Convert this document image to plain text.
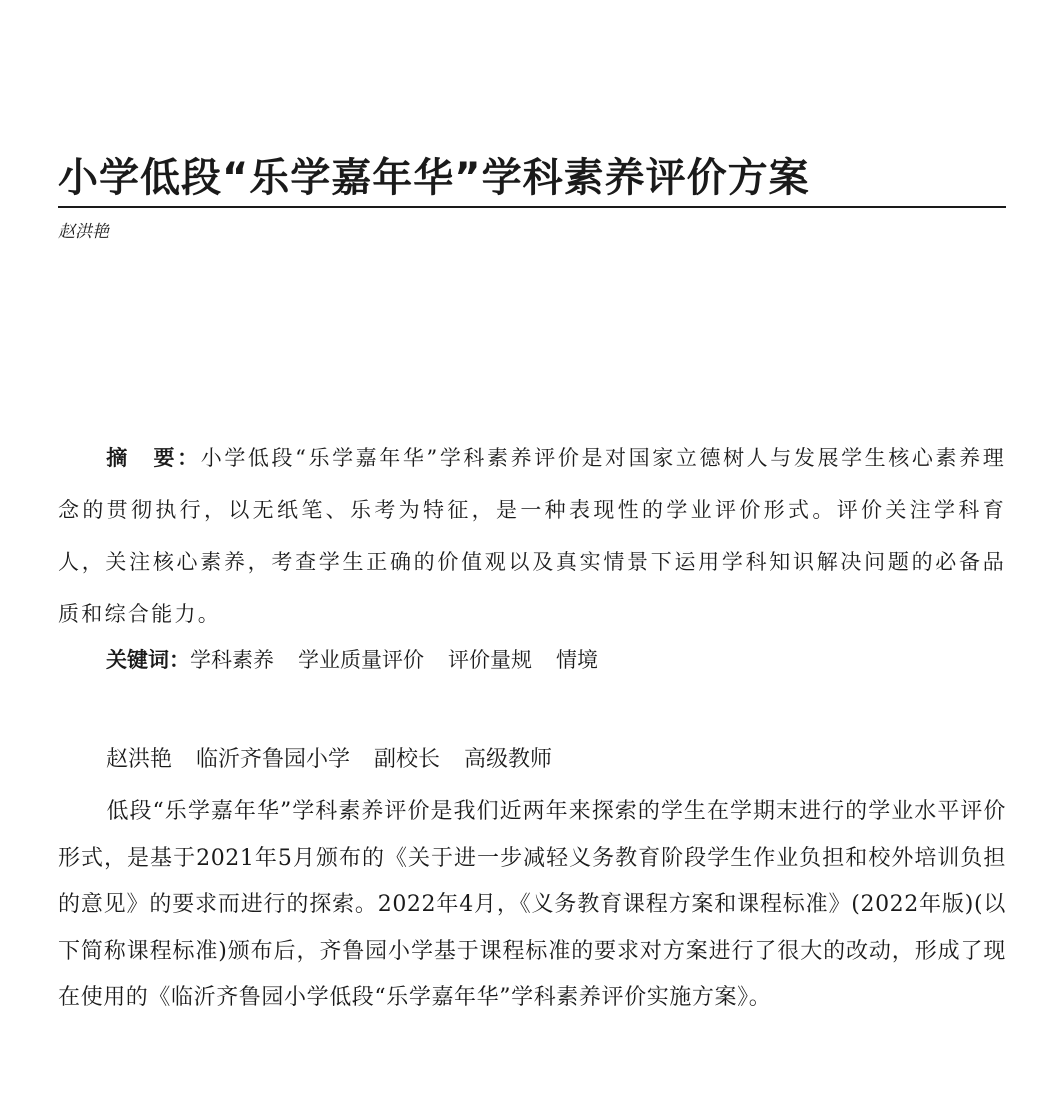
小学低段“乐学嘉年华”学科素养评价方案
赵洪艳
摘　要：小学低段“乐学嘉年华”学科素养评价是对国家立德树人与发展学生核心素养理念的贯彻执行，以无纸笔、乐考为特征，是一种表现性的学业评价形式。评价关注学科育人，关注核心素养，考查学生正确的价值观以及真实情景下运用学科知识解决问题的必备品质和综合能力。
关键词：学科素养 学业质量评价 评价量规 情境
赵洪艳 临沂齐鲁园小学 副校长 高级教师
低段“乐学嘉年华”学科素养评价是我们近两年来探索的学生在学期末进行的学业水平评价形式，是基于2021年5月颁布的《关于进一步减轻义务教育阶段学生作业负担和校外培训负担的意见》的要求而进行的探索。2022年4月，《义务教育课程方案和课程标准》(2022年版)(以下简称课程标准)颁布后，齐鲁园小学基于课程标准的要求对方案进行了很大的改动，形成了现在使用的《临沂齐鲁园小学低段“乐学嘉年华”学科素养评价实施方案》。
